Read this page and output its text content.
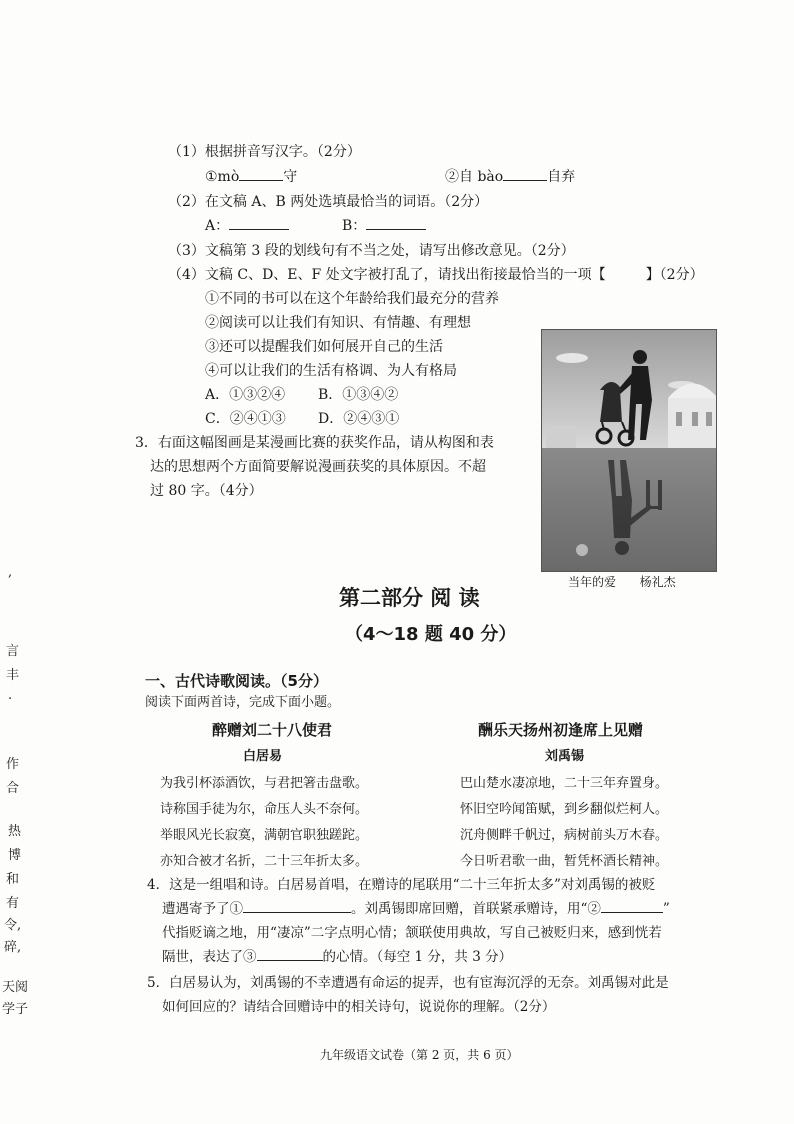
（1）根据拼音写汉字。（2分）
①mò	守	②自 bào	自弃
（2）在文稿 A、B 两处选填最恰当的词语。（2分）
A：	B：
（3）文稿第 3 段的划线句有不当之处，请写出修改意见。（2分）
（4）文稿 C、D、E、F 处文字被打乱了，请找出衔接最恰当的一项【	】（2分）
①不同的书可以在这个年龄给我们最充分的营养
②阅读可以让我们有知识、有情趣、有理想
③还可以提醒我们如何展开自己的生活
④可以让我们的生活有格调、为人有格局
A．①③②④ B．①③④②
C．②④①③ D．②④③①
3．右面这幅图画是某漫画比赛的获奖作品，请从构图和表
达的思想两个方面简要解说漫画获奖的具体原因。不超
过 80 字。（4分）
当年的爱 杨礼杰
第二部分 阅 读
（4～18 题 40 分）
一、古代诗歌阅读。（5分）
阅读下面两首诗，完成下面小题。
醉赠刘二十八使君
白居易
为我引杯添酒饮，与君把箸击盘歌。
诗称国手徒为尔，命压人头不奈何。
举眼风光长寂寞，满朝官职独蹉跎。
亦知合被才名折，二十三年折太多。
酬乐天扬州初逢席上见赠
刘禹锡
巴山楚水凄凉地，二十三年弃置身。
怀旧空吟闻笛赋，到乡翻似烂柯人。
沉舟侧畔千帆过，病树前头万木春。
今日听君歌一曲，暂凭杯酒长精神。
4．这是一组唱和诗。白居易首唱，在赠诗的尾联用“二十三年折太多”对刘禹锡的被贬
遭遇寄予了①	。刘禹锡即席回赠，首联紧承赠诗，用“②	”
代指贬谪之地，用“凄凉”二字点明心情；颔联使用典故，写自己被贬归来，感到恍若
隔世，表达了③	的心情。（每空 1 分，共 3 分）
5．白居易认为，刘禹锡的不幸遭遇有命运的捉弄，也有宦海沉浮的无奈。刘禹锡对此是
如何回应的？请结合回赠诗中的相关诗句，说说你的理解。（2分）
九年级语文试卷（第 2 页，共 6 页）
,
言
丰
.
作
合
热
博
和
有
令,
碎,
天阅
学子
